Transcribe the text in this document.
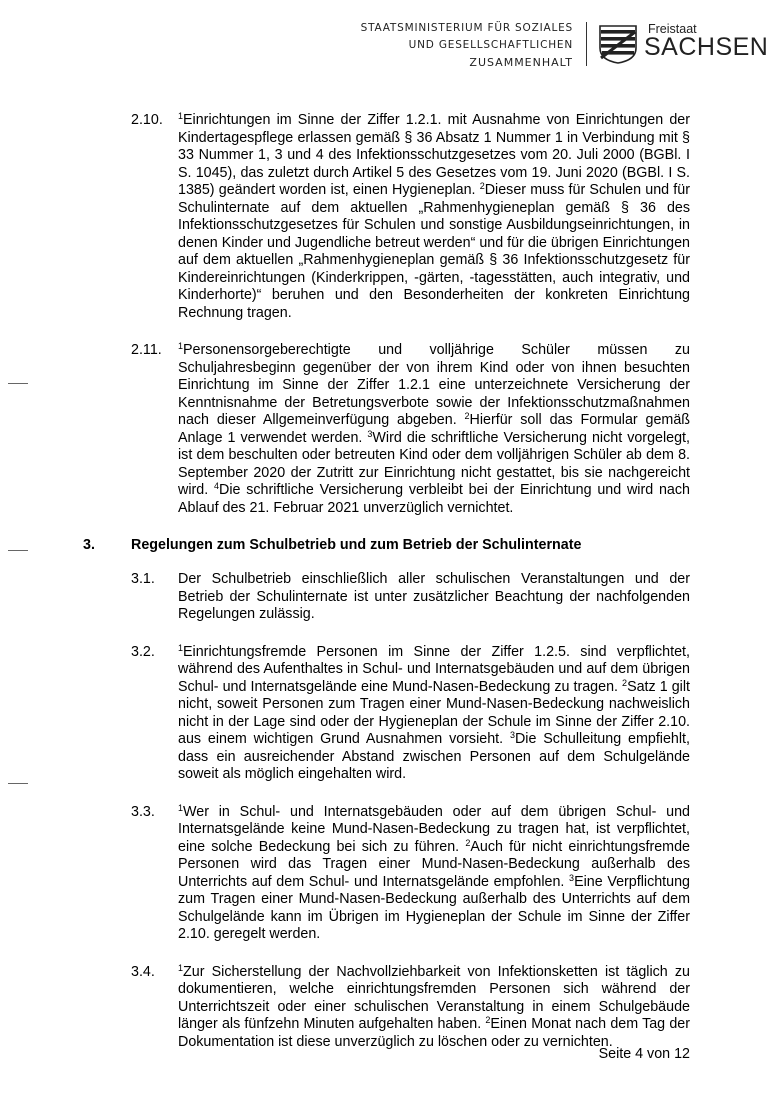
STAATSMINISTERIUM FÜR SOZIALES
UND GESELLSCHAFTLICHEN
ZUSAMMENHALT
Freistaat
SACHSEN
2.10. $^1$Einrichtungen im Sinne der Ziffer 1.2.1. mit Ausnahme von Einrichtungen der Kindertagespflege erlassen gemäß § 36 Absatz 1 Nummer 1 in Verbindung mit § 33 Nummer 1, 3 und 4 des Infektionsschutzgesetzes vom 20. Juli 2000 (BGBl. I S. 1045), das zuletzt durch Artikel 5 des Gesetzes vom 19. Juni 2020 (BGBl. I S. 1385) geändert worden ist, einen Hygieneplan. $^2$Dieser muss für Schulen und für Schulinternate auf dem aktuellen „Rahmenhygieneplan gemäß § 36 des Infektionsschutzgesetzes für Schulen und sonstige Ausbildungseinrichtungen, in denen Kinder und Jugendliche betreut werden“ und für die übrigen Einrichtungen auf dem aktuellen „Rahmenhygieneplan gemäß § 36 Infektionsschutzgesetz für Kindereinrichtungen (Kinderkrippen, -gärten, -tagesstätten, auch integrativ, und Kinderhorte)“ beruhen und den Besonderheiten der konkreten Einrichtung Rechnung tragen.
2.11. $^1$Personensorgeberechtigte und volljährige Schüler müssen zu Schuljahresbeginn gegenüber der von ihrem Kind oder von ihnen besuchten Einrichtung im Sinne der Ziffer 1.2.1 eine unterzeichnete Versicherung der Kenntnisnahme der Betretungsverbote sowie der Infektionsschutzmaßnahmen nach dieser Allgemeinverfügung abgeben. $^2$Hierfür soll das Formular gemäß Anlage 1 verwendet werden. $^3$Wird die schriftliche Versicherung nicht vorgelegt, ist dem beschulten oder betreuten Kind oder dem volljährigen Schüler ab dem 8. September 2020 der Zutritt zur Einrichtung nicht gestattet, bis sie nachgereicht wird. $^4$Die schriftliche Versicherung verbleibt bei der Einrichtung und wird nach Ablauf des 21. Februar 2021 unverzüglich vernichtet.
3.	Regelungen zum Schulbetrieb und zum Betrieb der Schulinternate
3.1. Der Schulbetrieb einschließlich aller schulischen Veranstaltungen und der Betrieb der Schulinternate ist unter zusätzlicher Beachtung der nachfolgenden Regelungen zulässig.
3.2.	$^1$Einrichtungsfremde Personen im Sinne der Ziffer 1.2.5. sind verpflichtet, während des Aufenthaltes in Schul- und Internatsgebäuden und auf dem übrigen Schul- und Internatsgelände eine Mund-Nasen-Bedeckung zu tragen. $^2$Satz 1 gilt nicht, soweit Personen zum Tragen einer Mund-Nasen-Bedeckung nachweislich nicht in der Lage sind oder der Hygieneplan der Schule im Sinne der Ziffer 2.10. aus einem wichtigen Grund Ausnahmen vorsieht. $^3$Die Schulleitung empfiehlt, dass ein ausreichender Abstand zwischen Personen auf dem Schulgelände soweit als möglich eingehalten wird.
3.3.	$^1$Wer in Schul- und Internatsgebäuden oder auf dem übrigen Schul- und Internatsgelände keine Mund-Nasen-Bedeckung zu tragen hat, ist verpflichtet, eine solche Bedeckung bei sich zu führen. $^2$Auch für nicht einrichtungsfremde Personen wird das Tragen einer Mund-Nasen-Bedeckung außerhalb des Unterrichts auf dem Schul- und Internatsgelände empfohlen. $^3$Eine Verpflichtung zum Tragen einer Mund-Nasen-Bedeckung außerhalb des Unterrichts auf dem Schulgelände kann im Übrigen im Hygieneplan der Schule im Sinne der Ziffer 2.10. geregelt werden.
3.4.	$^1$Zur Sicherstellung der Nachvollziehbarkeit von Infektionsketten ist täglich zu dokumentieren, welche einrichtungsfremden Personen sich während der Unterrichtszeit oder einer schulischen Veranstaltung in einem Schulgebäude länger als fünfzehn Minuten aufgehalten haben. $^2$Einen Monat nach dem Tag der Dokumentation ist diese unverzüglich zu löschen oder zu vernichten.
Seite 4 von 12
